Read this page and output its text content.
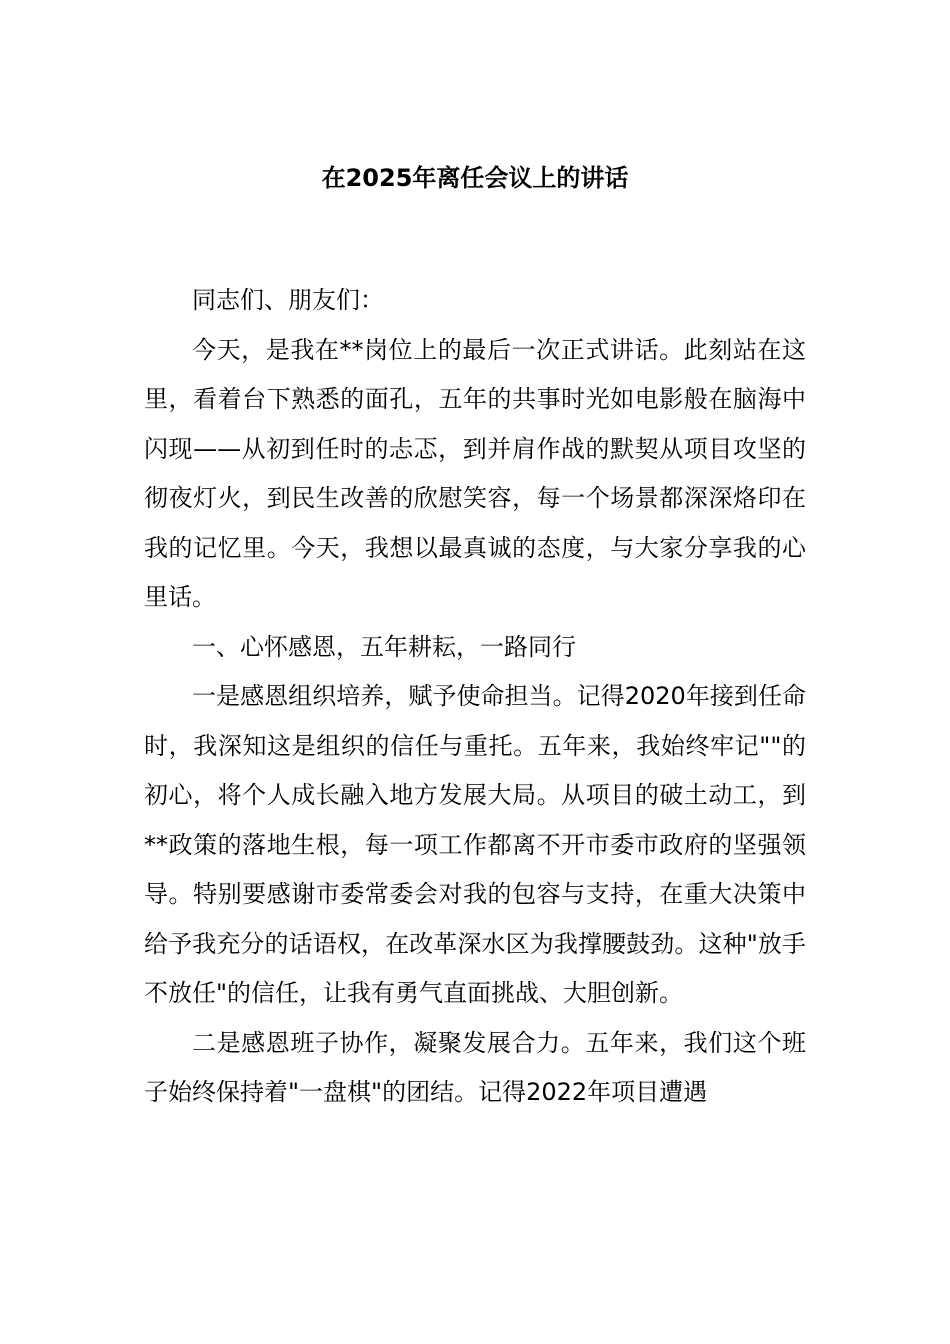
在2025年离任会议上的讲话

同志们、朋友们：

今天，是我在**岗位上的最后一次正式讲话。此刻站在这里，看着台下熟悉的面孔，五年的共事时光如电影般在脑海中闪现——从初到任时的忐忑，到并肩作战的默契从项目攻坚的彻夜灯火，到民生改善的欣慰笑容，每一个场景都深深烙印在我的记忆里。今天，我想以最真诚的态度，与大家分享我的心里话。

一、心怀感恩，五年耕耘，一路同行

一是感恩组织培养，赋予使命担当。记得2020年接到任命时，我深知这是组织的信任与重托。五年来，我始终牢记""的初心，将个人成长融入地方发展大局。从项目的破土动工，到**政策的落地生根，每一项工作都离不开市委市政府的坚强领导。特别要感谢市委常委会对我的包容与支持，在重大决策中给予我充分的话语权，在改革深水区为我撑腰鼓劲。这种"放手不放任"的信任，让我有勇气直面挑战、大胆创新。

二是感恩班子协作，凝聚发展合力。五年来，我们这个班子始终保持着"一盘棋"的团结。记得2022年项目遭遇
